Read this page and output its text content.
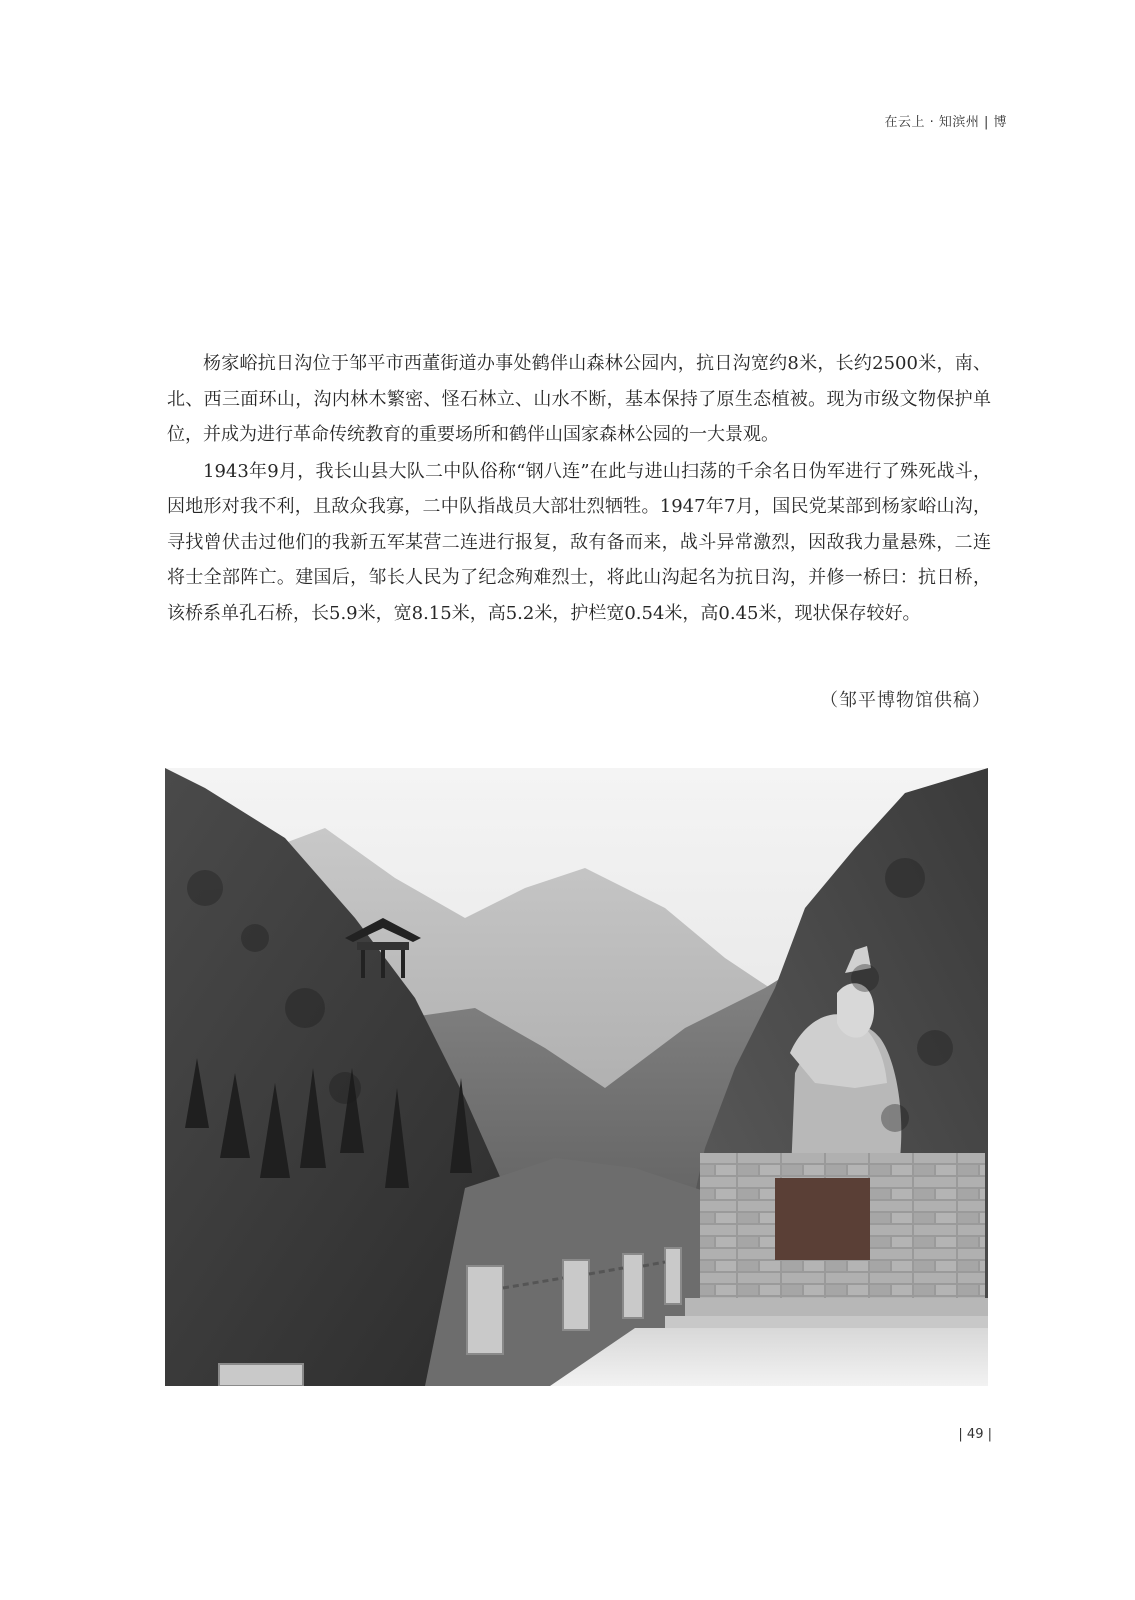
在云上 · 知滨州 | 博

杨家峪抗日沟位于邹平市西董街道办事处鹤伴山森林公园内，抗日沟宽约8米，长约2500米，南、北、西三面环山，沟内林木繁密、怪石林立、山水不断，基本保持了原生态植被。现为市级文物保护单位，并成为进行革命传统教育的重要场所和鹤伴山国家森林公园的一大景观。

1943年9月，我长山县大队二中队俗称“钢八连”在此与进山扫荡的千余名日伪军进行了殊死战斗，因地形对我不利，且敌众我寡，二中队指战员大部壮烈牺牲。1947年7月，国民党某部到杨家峪山沟，寻找曾伏击过他们的我新五军某营二连进行报复，敌有备而来，战斗异常激烈，因敌我力量悬殊，二连将士全部阵亡。建国后，邹长人民为了纪念殉难烈士，将此山沟起名为抗日沟，并修一桥曰：抗日桥，该桥系单孔石桥，长5.9米，宽8.15米，高5.2米，护栏宽0.54米，高0.45米，现状保存较好。

（邹平博物馆供稿）
| 49 |
